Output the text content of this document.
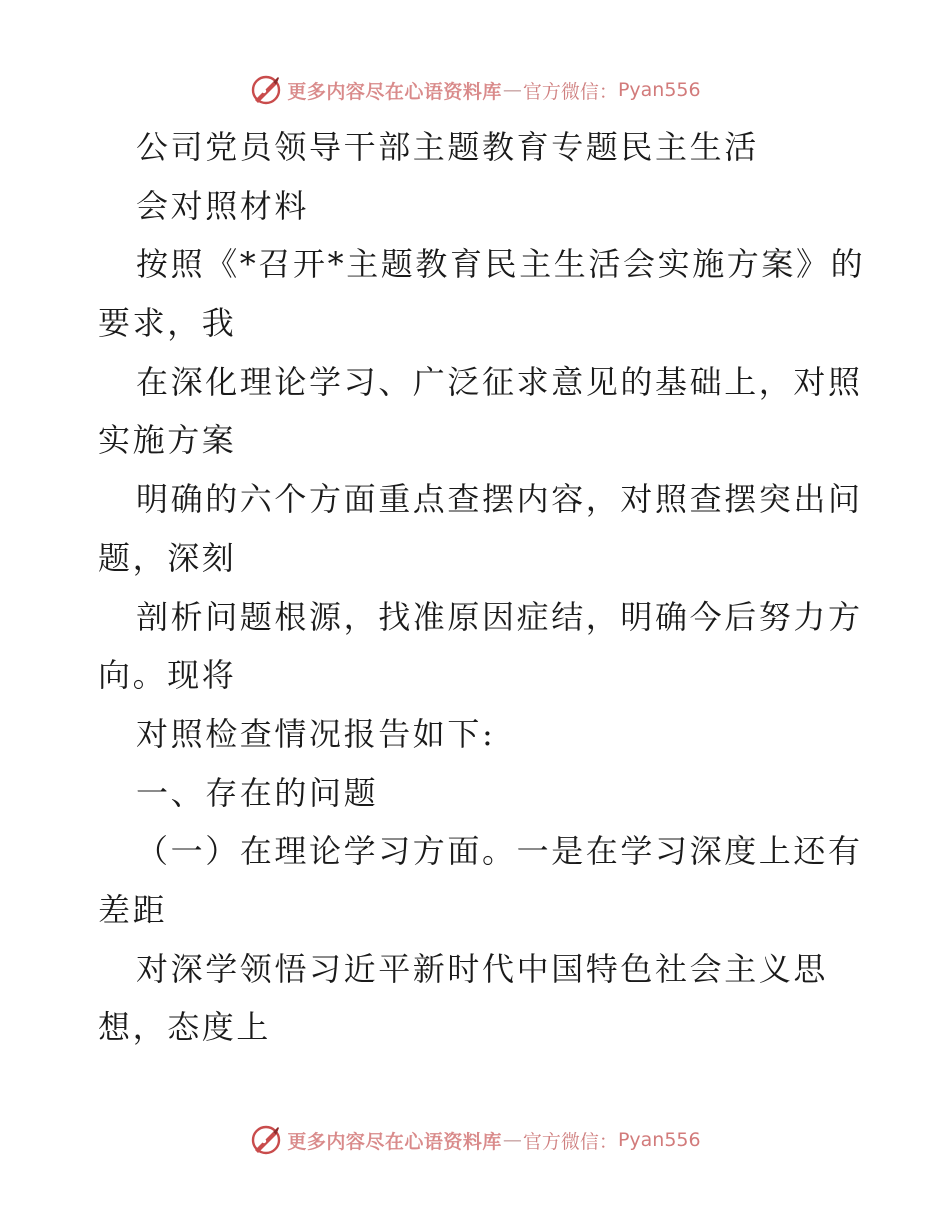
更多内容尽在心语资料库 — 官方微信： Pyan556
公司党员领导干部主题教育专题民主生活
会对照材料
按照《*召开*主题教育民主生活会实施方案》的
要求，我
在深化理论学习、广泛征求意见的基础上，对照
实施方案
明确的六个方面重点查摆内容，对照查摆突出问
题，深刻
剖析问题根源，找准原因症结，明确今后努力方
向。现将
对照检查情况报告如下:
一、存在的问题
（一）在理论学习方面。一是在学习深度上还有
差距
对深学领悟习近平新时代中国特色社会主义思
想，态度上
更多内容尽在心语资料库 — 官方微信： Pyan556
